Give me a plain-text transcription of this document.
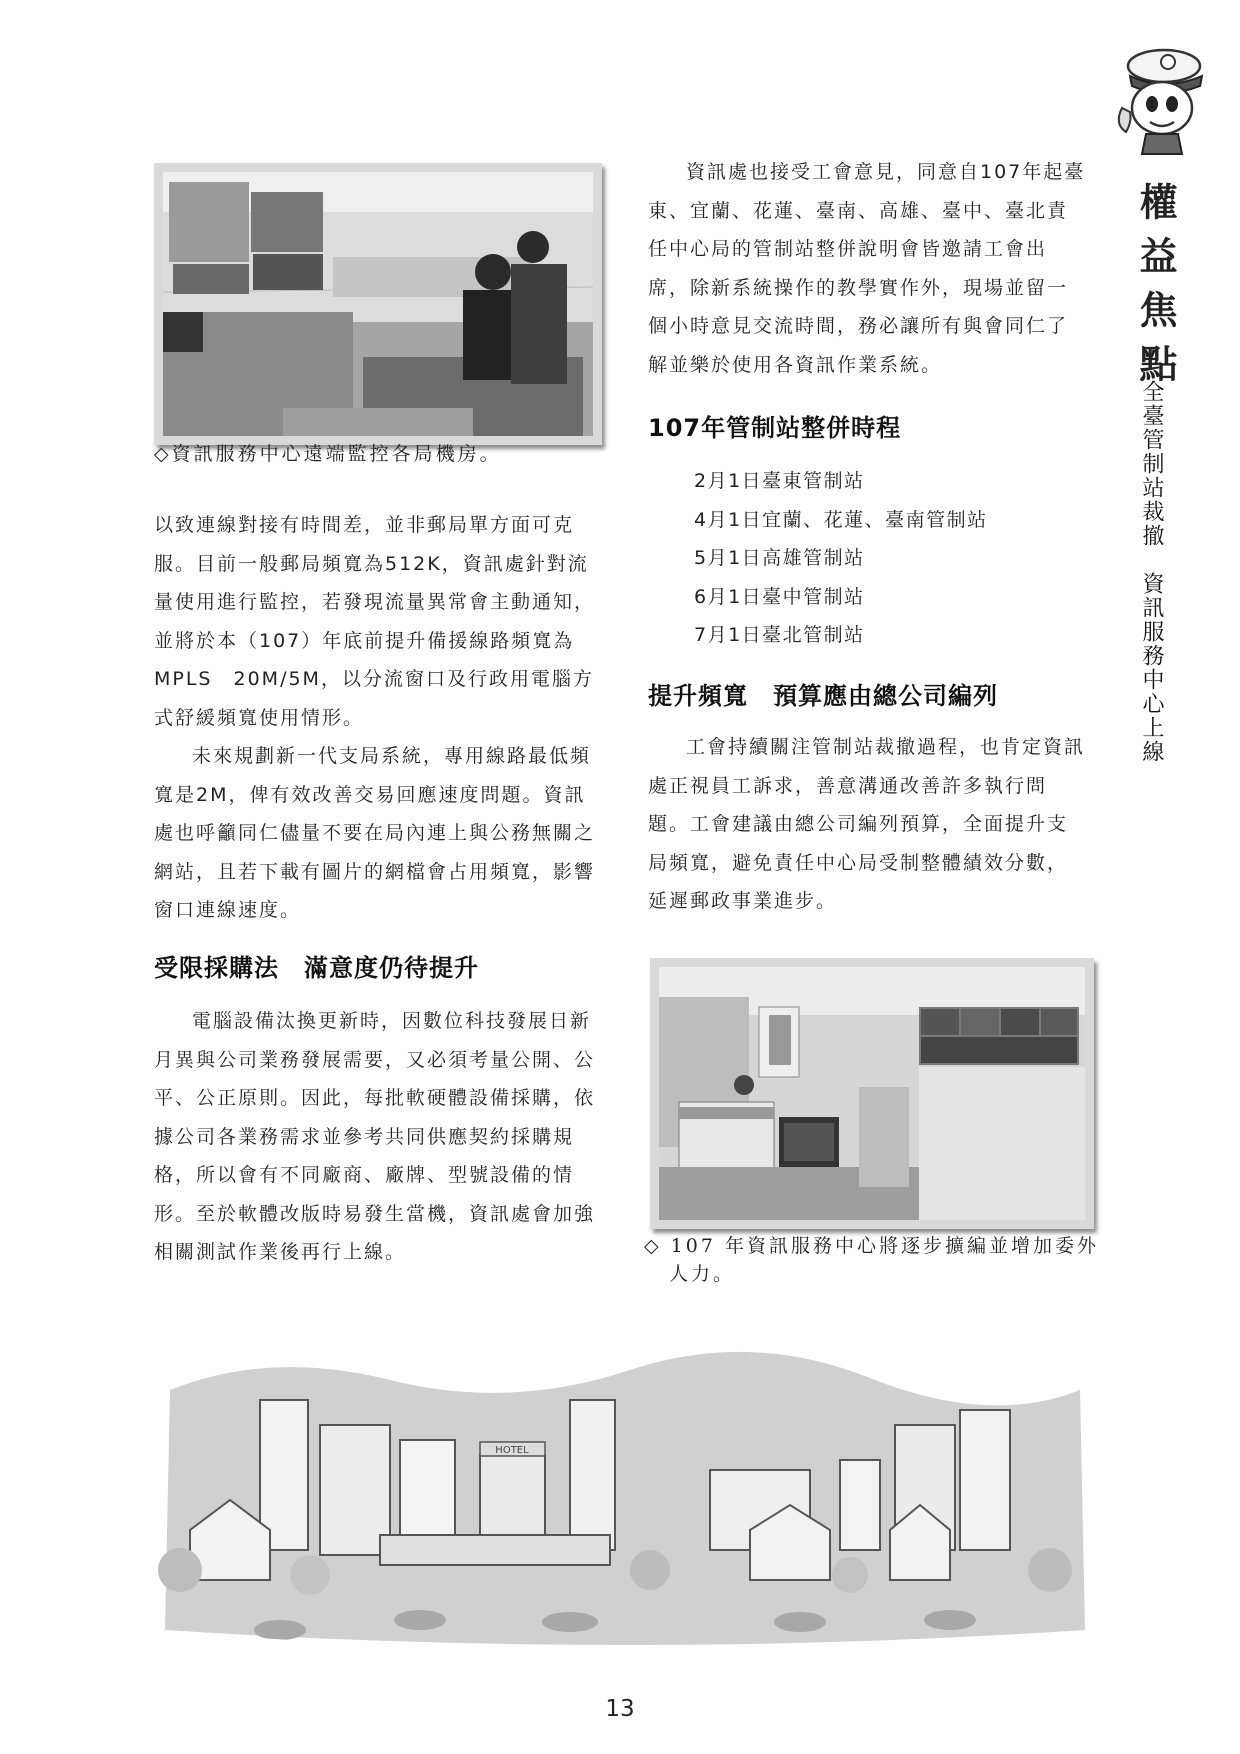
權益焦點
全臺管制站裁撤　資訊服務中心上線
◇資訊服務中心遠端監控各局機房。

以致連線對接有時間差，並非郵局單方面可克服。目前一般郵局頻寬為512K，資訊處針對流量使用進行監控，若發現流量異常會主動通知，並將於本（107）年底前提升備援線路頻寬為MPLS　20M/5M，以分流窗口及行政用電腦方式舒緩頻寬使用情形。

未來規劃新一代支局系統，專用線路最低頻寬是2M，俾有效改善交易回應速度問題。資訊處也呼籲同仁儘量不要在局內連上與公務無關之網站，且若下載有圖片的網檔會占用頻寬，影響窗口連線速度。

受限採購法　滿意度仍待提升

電腦設備汰換更新時，因數位科技發展日新月異與公司業務發展需要，又必須考量公開、公平、公正原則。因此，每批軟硬體設備採購，依據公司各業務需求並參考共同供應契約採購規格，所以會有不同廠商、廠牌、型號設備的情形。至於軟體改版時易發生當機，資訊處會加強相關測試作業後再行上線。

資訊處也接受工會意見，同意自107年起臺東、宜蘭、花蓮、臺南、高雄、臺中、臺北責任中心局的管制站整併說明會皆邀請工會出席，除新系統操作的教學實作外，現場並留一個小時意見交流時間，務必讓所有與會同仁了解並樂於使用各資訊作業系統。

107年管制站整併時程
2月1日臺東管制站
4月1日宜蘭、花蓮、臺南管制站
5月1日高雄管制站
6月1日臺中管制站
7月1日臺北管制站
提升頻寬　預算應由總公司編列

工會持續關注管制站裁撤過程，也肯定資訊處正視員工訴求，善意溝通改善許多執行問題。工會建議由總公司編列預算，全面提升支局頻寬，避免責任中心局受制整體績效分數，延遲郵政事業進步。

◇ 107 年資訊服務中心將逐步擴編並增加委外
人力。
HOTEL
13
